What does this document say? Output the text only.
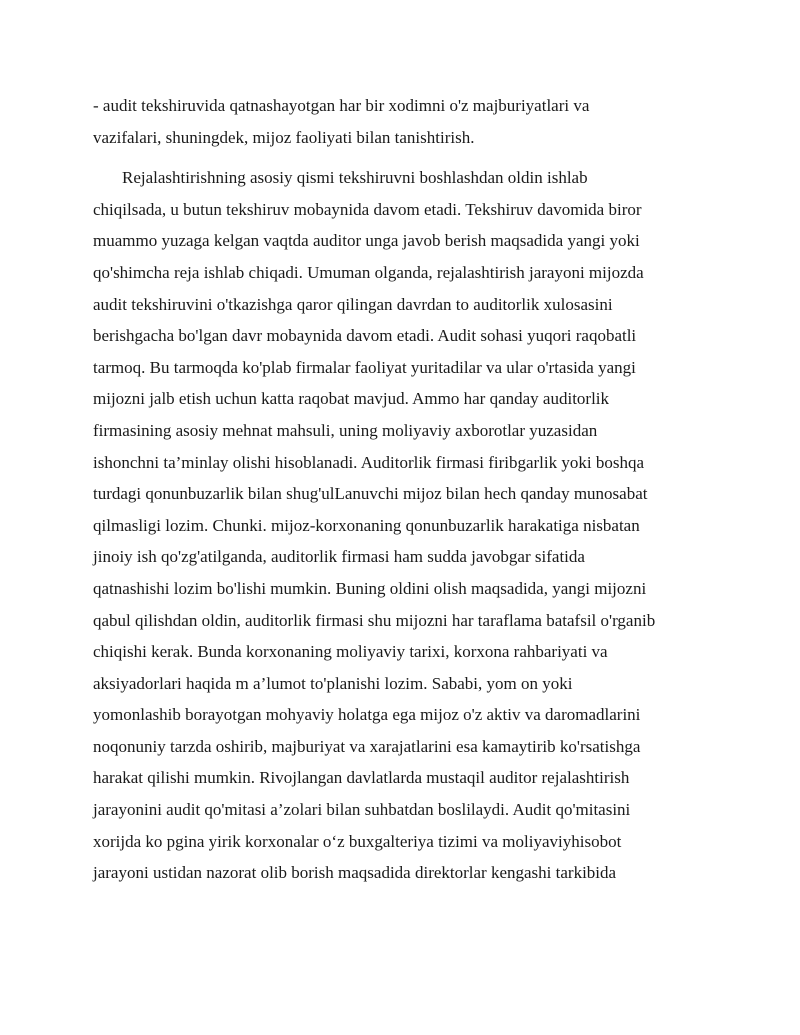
- audit tekshiruvida qatnashayotgan har bir xodimni o'z majburiyatlari va
vazifalari, shuningdek, mijoz faoliyati bilan tanishtirish.
Rejalashtirishning asosiy qismi tekshiruvni boshlashdan oldin ishlab
chiqilsada, u butun tekshiruv mobaynida davom etadi. Tekshiruv davomida biror
muammo yuzaga kelgan vaqtda auditor unga javob berish maqsadida yangi yoki
qo'shimcha reja ishlab chiqadi. Umuman olganda, rejalashtirish jarayoni mijozda
audit tekshiruvini o'tkazishga qaror qilingan davrdan to auditorlik xulosasini
berishgacha bo'lgan davr mobaynida davom etadi. Audit sohasi yuqori raqobatli
tarmoq. Bu tarmoqda ko'plab firmalar faoliyat yuritadilar va ular o'rtasida yangi
mijozni jalb etish uchun katta raqobat mavjud. Ammo har qanday auditorlik
firmasining asosiy mehnat mahsuli, uning moliyaviy axborotlar yuzasidan
ishonchni ta’minlay olishi hisoblanadi. Auditorlik firmasi firibgarlik yoki boshqa
turdagi qonunbuzarlik bilan shug'ulLanuvchi mijoz bilan hech qanday munosabat
qilmasligi lozim. Chunki. mijoz-korxonaning qonunbuzarlik harakatiga nisbatan
jinoiy ish qo'zg'atilganda, auditorlik firmasi ham sudda javobgar sifatida
qatnashishi lozim bo'lishi mumkin. Buning oldini olish maqsadida, yangi mijozni
qabul qilishdan oldin, auditorlik firmasi shu mijozni har taraflama batafsil o'rganib
chiqishi kerak. Bunda korxonaning moliyaviy tarixi, korxona rahbariyati va
aksiyadorlari haqida m a’lumot to'planishi lozim. Sababi, yom on yoki
yomonlashib borayotgan mohyaviy holatga ega mijoz o'z aktiv va daromadlarini
noqonuniy tarzda oshirib, majburiyat va xarajatlarini esa kamaytirib ko'rsatishga
harakat qilishi mumkin. Rivojlangan davlatlarda mustaqil auditor rejalashtirish
jarayonini audit qo'mitasi a’zolari bilan suhbatdan boslilaydi. Audit qo'mitasini
xorijda ko pgina yirik korxonalar o‘z buxgalteriya tizimi va moliyaviyhisobot
jarayoni ustidan nazorat olib borish maqsadida direktorlar kengashi tarkibida
